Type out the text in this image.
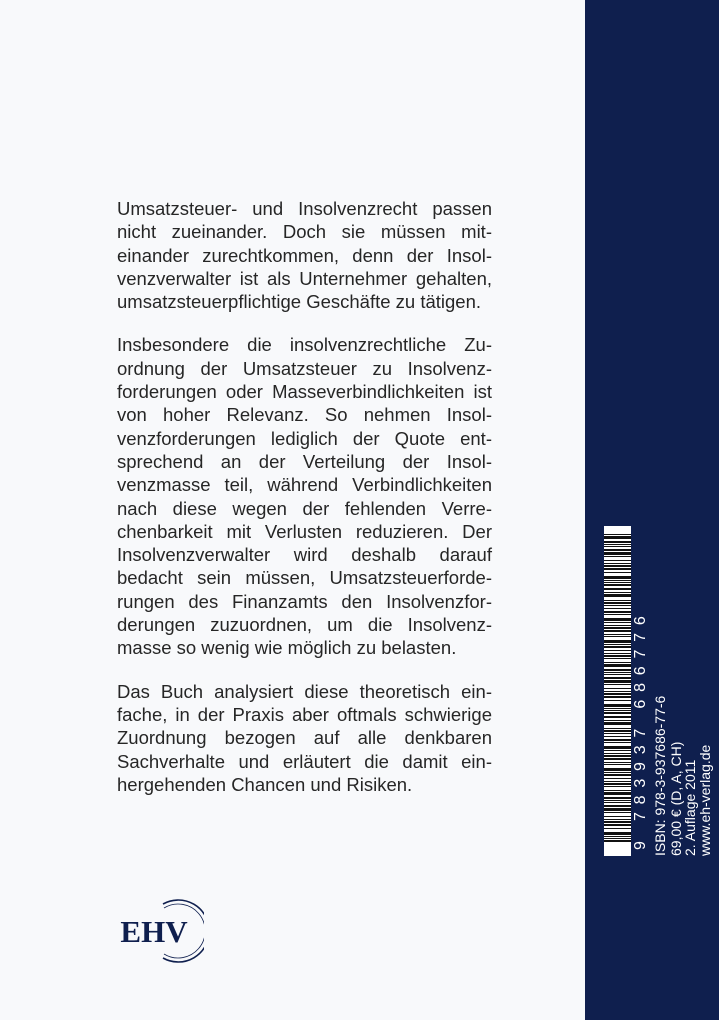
Umsatzsteuer- und Insolvenzrecht passen nicht zueinander. Doch sie müssen miteinander zurechtkommen, denn der Insolvenzverwalter ist als Unternehmer gehalten, umsatzsteuerpflichtige Geschäfte zu tätigen.

Insbesondere die insolvenzrechtliche Zuordnung der Umsatzsteuer zu Insolvenzforderungen oder Masseverbindlichkeiten ist von hoher Relevanz. So nehmen Insolvenzforderungen lediglich der Quote entsprechend an der Verteilung der Insolvenzmasse teil, während Verbindlichkeiten nach diese wegen der fehlenden Verrechenbarkeit mit Verlusten reduzieren. Der Insolvenzverwalter wird deshalb darauf bedacht sein müssen, Umsatzsteuerforderungen des Finanzamts den Insolvenzforderungen zuzuordnen, um die Insolvenzmasse so wenig wie möglich zu belasten.

Das Buch analysiert diese theoretisch einfache, in der Praxis aber oftmals schwierige Zuordnung bezogen auf alle denkbaren Sachverhalte und erläutert die damit einhergehenden Chancen und Risiken.

EHV
9 783937 686776 ISBN: 978-3-937686-77-6 69,00 € (D, A, CH)
2. Auflage 2011 www.eh-verlag.de
